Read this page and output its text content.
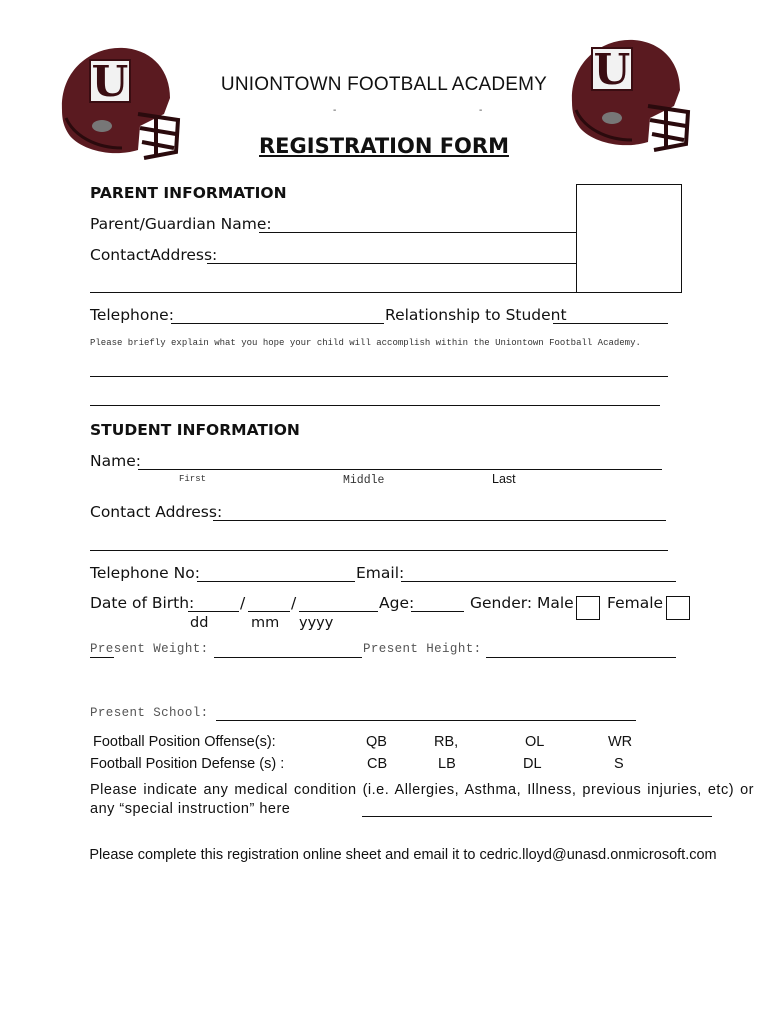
U	U
UNIONTOWN FOOTBALL ACADEMY
-	-
REGISTRATION FORM
PARENT INFORMATION
Parent/Guardian Name:
ContactAddress:
Telephone:	Relationship to Student
Please briefly explain what you hope your child will accomplish within the Uniontown Football Academy.
STUDENT INFORMATION
Name:
First	Middle	Last
Contact Address:
Telephone No:	Email:
Date of Birth:	/	/	Age:	Gender: Male Female
dd	mm yyyy
Present Weight:	Present Height:
Present School:
Football Position Offense(s):	QB	RB,	OL	WR
Football Position Defense (s) :	CB	LB	DL	S
Please indicate any medical condition (i.e. Allergies, Asthma, Illness, previous injuries, etc) or any “special instruction” here
Please complete this registration online sheet and email it to cedric.lloyd@unasd.onmicrosoft.com
